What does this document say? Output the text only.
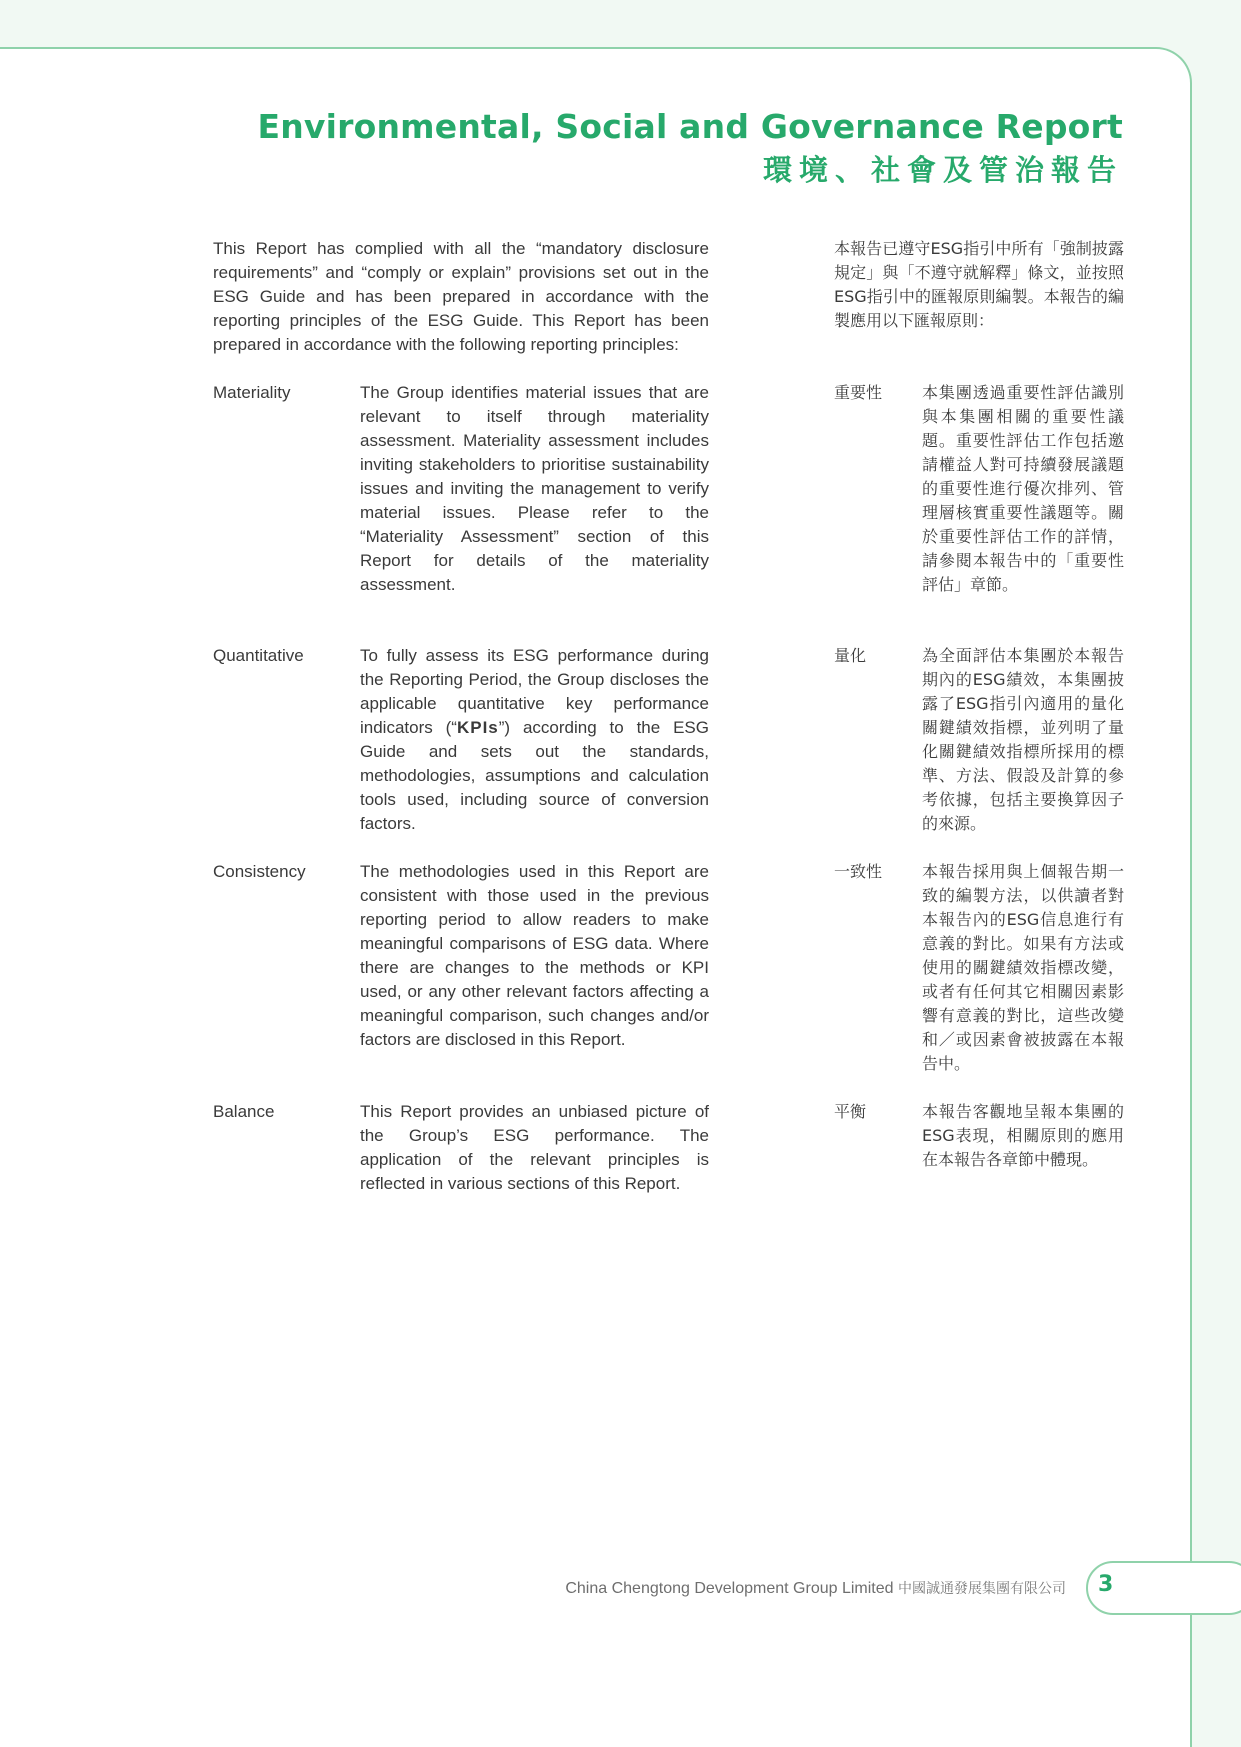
Environmental, Social and Governance Report
環境、社會及管治報告

This Report has complied with all the “mandatory disclosure requirements” and “comply or explain” provisions set out in the ESG Guide and has been prepared in accordance with the reporting principles of the ESG Guide. This Report has been prepared in accordance with the following reporting principles:

本報告已遵守ESG指引中所有「強制披露規定」與「不遵守就解釋」條文，並按照ESG指引中的匯報原則編製。本報告的編製應用以下匯報原則：

Materiality	The Group identifies material issues that are relevant to itself through materiality assessment. Materiality assessment includes inviting stakeholders to prioritise sustainability issues and inviting the management to verify material issues. Please refer to the “Materiality Assessment” section of this Report for details of the materiality assessment.

重要性	本集團透過重要性評估識別與本集團相關的重要性議題。重要性評估工作包括邀請權益人對可持續發展議題的重要性進行優次排列、管理層核實重要性議題等。關於重要性評估工作的詳情，請參閱本報告中的「重要性評估」章節。

Quantitative	To fully assess its ESG performance during the Reporting Period, the Group discloses the applicable quantitative key performance indicators (“KPIs”) according to the ESG Guide and sets out the standards, methodologies, assumptions and calculation tools used, including source of conversion factors.

量化	為全面評估本集團於本報告期內的ESG績效，本集團披露了ESG指引內適用的量化關鍵績效指標，並列明了量化關鍵績效指標所採用的標準、方法、假設及計算的參考依據，包括主要換算因子的來源。

Consistency	The methodologies used in this Report are consistent with those used in the previous reporting period to allow readers to make meaningful comparisons of ESG data. Where there are changes to the methods or KPI used, or any other relevant factors affecting a meaningful comparison, such changes and/or factors are disclosed in this Report.

一致性	本報告採用與上個報告期一致的編製方法，以供讀者對本報告內的ESG信息進行有意義的對比。如果有方法或使用的關鍵績效指標改變，或者有任何其它相關因素影響有意義的對比，這些改變和／或因素會被披露在本報告中。

Balance	This Report provides an unbiased picture of the Group’s ESG performance. The application of the relevant principles is reflected in various sections of this Report.

平衡	本報告客觀地呈報本集團的ESG表現，相關原則的應用在本報告各章節中體現。

China Chengtong Development Group Limited 中國誠通發展集團有限公司 3
